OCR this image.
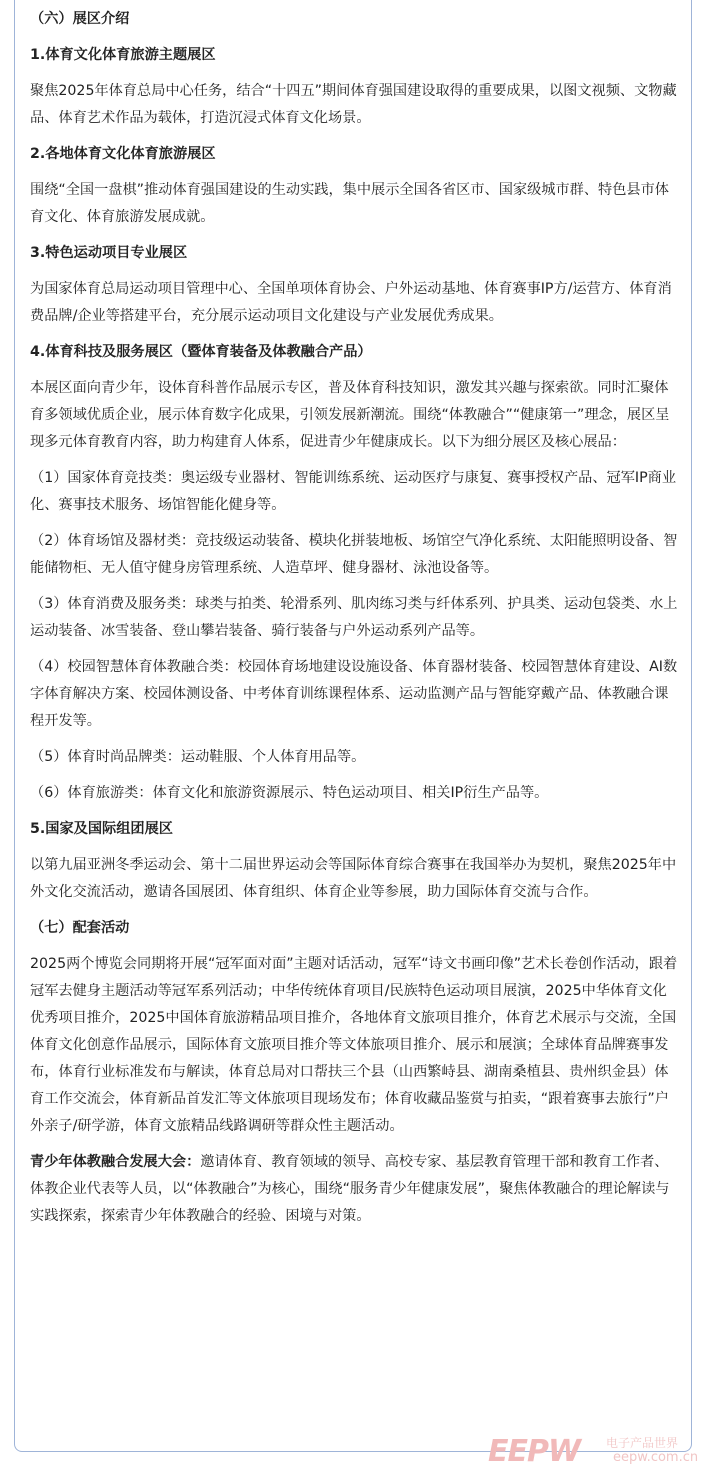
（六）展区介绍

1.体育文化体育旅游主题展区

聚焦2025年体育总局中心任务，结合“十四五”期间体育强国建设取得的重要成果，以图文视频、文物藏品、体育艺术作品为载体，打造沉浸式体育文化场景。

2.各地体育文化体育旅游展区

围绕“全国一盘棋”推动体育强国建设的生动实践，集中展示全国各省区市、国家级城市群、特色县市体育文化、体育旅游发展成就。

3.特色运动项目专业展区

为国家体育总局运动项目管理中心、全国单项体育协会、户外运动基地、体育赛事IP方/运营方、体育消费品牌/企业等搭建平台，充分展示运动项目文化建设与产业发展优秀成果。

4.体育科技及服务展区（暨体育装备及体教融合产品）

本展区面向青少年，设体育科普作品展示专区，普及体育科技知识，激发其兴趣与探索欲。同时汇聚体育多领域优质企业，展示体育数字化成果，引领发展新潮流。围绕“体教融合”“健康第一”理念，展区呈现多元体育教育内容，助力构建育人体系，促进青少年健康成长。以下为细分展区及核心展品：

（1）国家体育竞技类：奥运级专业器材、智能训练系统、运动医疗与康复、赛事授权产品、冠军IP商业化、赛事技术服务、场馆智能化健身等。

（2）体育场馆及器材类：竞技级运动装备、模块化拼装地板、场馆空气净化系统、太阳能照明设备、智能储物柜、无人值守健身房管理系统、人造草坪、健身器材、泳池设备等。

（3）体育消费及服务类：球类与拍类、轮滑系列、肌肉练习类与纤体系列、护具类、运动包袋类、水上运动装备、冰雪装备、登山攀岩装备、骑行装备与户外运动系列产品等。

（4）校园智慧体育体教融合类：校园体育场地建设设施设备、体育器材装备、校园智慧体育建设、AI数字体育解决方案、校园体测设备、中考体育训练课程体系、运动监测产品与智能穿戴产品、体教融合课程开发等。

（5）体育时尚品牌类：运动鞋服、个人体育用品等。

（6）体育旅游类：体育文化和旅游资源展示、特色运动项目、相关IP衍生产品等。

5.国家及国际组团展区

以第九届亚洲冬季运动会、第十二届世界运动会等国际体育综合赛事在我国举办为契机，聚焦2025年中外文化交流活动，邀请各国展团、体育组织、体育企业等参展，助力国际体育交流与合作。

（七）配套活动

2025两个博览会同期将开展“冠军面对面”主题对话活动，冠军“诗文书画印像”艺术长卷创作活动，跟着冠军去健身主题活动等冠军系列活动；中华传统体育项目/民族特色运动项目展演，2025中华体育文化优秀项目推介，2025中国体育旅游精品项目推介，各地体育文旅项目推介，体育艺术展示与交流，全国体育文化创意作品展示，国际体育文旅项目推介等文体旅项目推介、展示和展演；全球体育品牌赛事发布，体育行业标准发布与解读，体育总局对口帮扶三个县（山西繁峙县、湖南桑植县、贵州织金县）体育工作交流会，体育新品首发汇等文体旅项目现场发布；体育收藏品鉴赏与拍卖，“跟着赛事去旅行”户外亲子/研学游，体育文旅精品线路调研等群众性主题活动。

青少年体教融合发展大会：邀请体育、教育领域的领导、高校专家、基层教育管理干部和教育工作者、体教企业代表等人员，以“体教融合”为核心，围绕“服务青少年健康发展”，聚焦体教融合的理论解读与实践探索，探索青少年体教融合的经验、困境与对策。

EEPW 电子产品世界
eepw.com.cn
